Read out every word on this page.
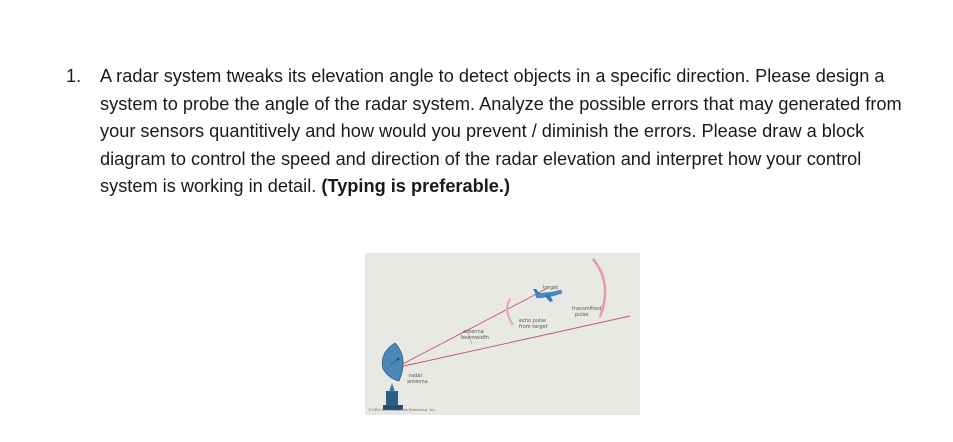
1.	A radar system tweaks its elevation angle to detect objects in a specific direction. Please design a system to probe the angle of the radar system. Analyze the possible errors that may generated from your sensors quantitively and how would you prevent / diminish the errors. Please draw a block diagram to control the speed and direction of the radar elevation and interpret how your control system is working in detail. (Typing is preferable.)
target
transmitted
pulse
echo pulse
from target
antenna
beamwidth
radar
antenna
©1994 Encyclopaedia Britannica, Inc.
